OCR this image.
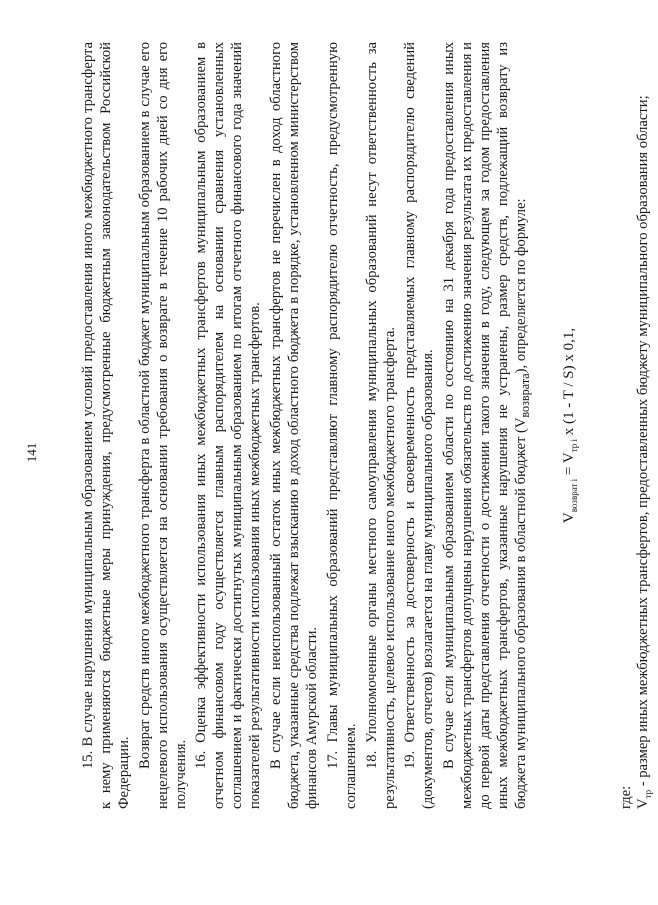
141	15. В случае нарушения муниципальным образованием условий предоставления иного межбюджетного трансферта к нему применяются бюджетные меры принуждения, предусмотренные бюджетным законодательством Российской Федерации.

Возврат средств иного межбюджетного трансферта в областной бюджет муниципальным образованием в случае его нецелевого использования осуществляется на основании требования о возврате в течение 10 рабочих дней со дня его получения.

16. Оценка эффективности использования иных межбюджетных трансфертов муниципальным образованием в отчетном финансовом году осуществляется главным распорядителем на основании сравнения установленных соглашением и фактически достигнутых муниципальным образованием по итогам отчетного финансового года значений показателей результативности использования иных межбюджетных трансфертов. В случае если неиспользованный остаток иных межбюджетных трансфертов не перечислен в доход областного бюджета, указанные средства подлежат взысканию в доход областного бюджета в порядке, установленном министерством финансов Амурской области. 17. Главы муниципальных образований представляют главному распорядителю отчетность, предусмотренную соглашением. 18. Уполномоченные органы местного самоуправления муниципальных образований несут ответственность за результативность, целевое использование иного межбюджетного трансферта. 19. Ответственность за достоверность и своевременность представляемых главному распорядителю сведений (документов, отчетов) возлагается на главу муниципального образования. В случае если муниципальным образованием области по состоянию на 31 декабря года предоставления иных межбюджетных трансфертов допущены нарушения обязательств по достижению значения результата их предоставления и до первой даты представления отчетности о достижении такого значения в году, следующем за годом предоставления иных межбюджетных трансфертов, указанные нарушения не устранены, размер средств, подлежащий возврату из бюджета муниципального образования в областной бюджет $(V_{возврата})$, определяется по формуле:

$V_{возврат i} = V_{тр i}$ x (1 - T / S) x 0,1,

где: $V_{тр}$ - размер иных межбюджетных трансфертов, предоставленных бюджету муниципального образования области;
